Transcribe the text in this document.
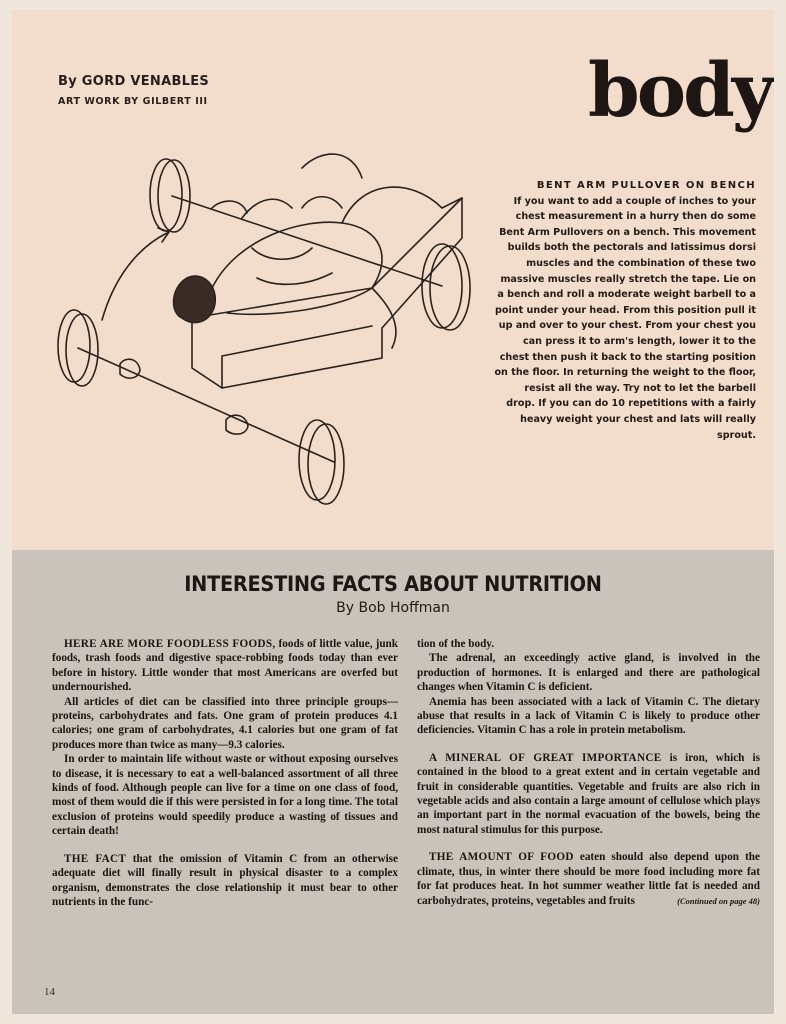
By GORD VENABLES
ART WORK BY GILBERT III	body
BENT ARM PULLOVER ON BENCH
If you want to add a couple of inches to your chest measurement in a hurry then do some Bent Arm Pullovers on a bench. This movement builds both the pectorals and latissimus dorsi muscles and the combination of these two massive muscles really stretch the tape. Lie on a bench and roll a moderate weight barbell to a point under your head. From this position pull it up and over to your chest. From your chest you can press it to arm's length, lower it to the chest then push it back to the starting position on the floor. In returning the weight to the floor, resist all the way. Try not to let the barbell drop. If you can do 10 repetitions with a fairly heavy weight your chest and lats will really sprout.
INTERESTING FACTS ABOUT NUTRITION
By Bob Hoffman

HERE ARE MORE FOODLESS FOODS, foods of little value, junk foods, trash foods and digestive space-robbing foods today than ever before in history. Little wonder that most Americans are overfed but undernourished.

All articles of diet can be classified into three principle groups—proteins, carbohydrates and fats. One gram of protein produces 4.1 calories; one gram of carbohydrates, 4.1 calories but one gram of fat produces more than twice as many—9.3 calories.

In order to maintain life without waste or without exposing ourselves to disease, it is necessary to eat a well-balanced assortment of all three kinds of food. Although people can live for a time on one class of food, most of them would die if this were persisted in for a long time. The total exclusion of proteins would speedily produce a wasting of tissues and certain death!

THE FACT that the omission of Vitamin C from an otherwise adequate diet will finally result in physical disaster to a complex organism, demonstrates the close relationship it must bear to other nutrients in the func-

tion of the body.

The adrenal, an exceedingly active gland, is involved in the production of hormones. It is enlarged and there are pathological changes when Vitamin C is deficient.

Anemia has been associated with a lack of Vitamin C. The dietary abuse that results in a lack of Vitamin C is likely to produce other deficiencies. Vitamin C has a role in protein metabolism.

A MINERAL OF GREAT IMPORTANCE is iron, which is contained in the blood to a great extent and in certain vegetable and fruit in considerable quantities. Vegetable and fruits are also rich in vegetable acids and also contain a large amount of cellulose which plays an important part in the normal evacuation of the bowels, being the most natural stimulus for this purpose.

THE AMOUNT OF FOOD eaten should also depend upon the climate, thus, in winter there should be more food including more fat for fat produces heat. In hot summer weather little fat is needed and carbohydrates, proteins, vegetables and fruits	(Continued on page 48)

14
